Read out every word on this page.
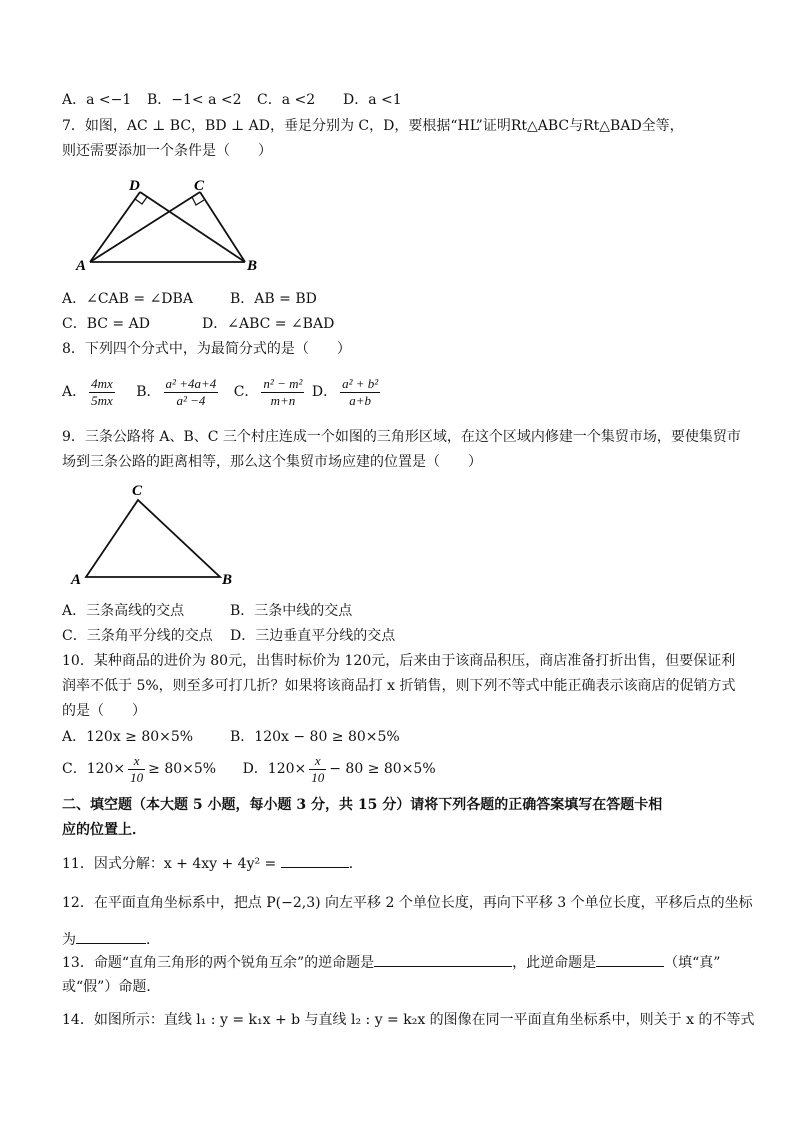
A．a <−1 B．−1< a <2 C．a <2 D．a <1
7．如图，AC ⊥ BC，BD ⊥ AD，垂足分别为 C，D，要根据“HL”证明Rt△ABC与Rt△BAD全等，
则还需要添加一个条件是（　　）
D	C
A	B
A．∠CAB = ∠DBA	B．AB = BD
C．BC = AD	D．∠ABC = ∠BAD
8．下列四个分式中，为最简分式的是（　　）
A． $\frac{4mx}{5mx}$ B． $\frac{\text{a² +4a+4}}{\text{a² −4}}$ C． $\frac{\text{n² − m²}}{m+n}$ D． $\frac{\text{a² + b²}}{a+b}$
9．三条公路将 A、B、C 三个村庄连成一个如图的三角形区域，在这个区域内修建一个集贸市场，要使集贸市
场到三条公路的距离相等，那么这个集贸市场应建的位置是（　　）
C
A	B
A．三条高线的交点	B．三条中线的交点
C．三条角平分线的交点 D．三边垂直平分线的交点
10．某种商品的进价为 80元，出售时标价为 120元，后来由于该商品积压，商店准备打折出售，但要保证利
润率不低于 5%，则至多可打几折？如果将该商品打 x 折销售，则下列不等式中能正确表示该商店的促销方式
的是（　　）
A．120x ≥ 80×5%	B．120x − 80 ≥ 80×5%
C．$120\times \frac{x}{10} \ge 80\times 5\%$ D．$120\times \frac{x}{10} - 80 \ge 80\times 5\%$
二、填空题（本大题 5 小题，每小题 3 分，共 15 分）请将下列各题的正确答案填写在答题卡相
应的位置上．
11．因式分解：x + 4xy + 4y² =	．
12．在平面直角坐标系中，把点 P(−2,3) 向左平移 2 个单位长度，再向下平移 3 个单位长度，平移后点的坐标
为	．
13．命题“直角三角形的两个锐角互余”的逆命题是	，此逆命题是	（填“真”
或“假”）命题．
14．如图所示：直线 l₁ : y = k₁x + b 与直线 l₂ : y = k₂x 的图像在同一平面直角坐标系中，则关于 x 的不等式
